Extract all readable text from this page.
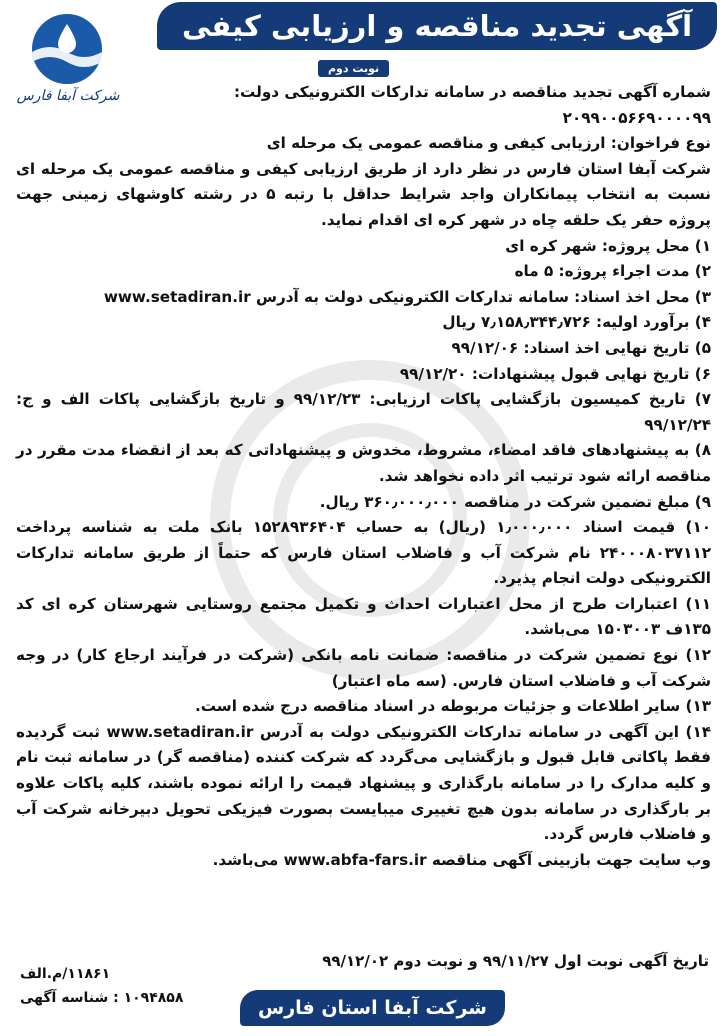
شرکت آبفا فارس
آگهی تجدید مناقصه و ارزیابی کیفی
نوبت دوم
شماره آگهی تجدید مناقصه در سامانه تدارکات الکترونیکی دولت:
۲۰۹۹۰۰۵۶۶۹۰۰۰۰۹۹
نوع فراخوان: ارزیابی کیفی و مناقصه عمومی یک مرحله ای
شرکت آبفا استان فارس در نظر دارد از طریق ارزیابی کیفی و مناقصه عمومی یک مرحله ای نسبت به انتخاب پیمانکاران واجد شرایط حداقل با رتبه ۵ در رشته کاوشهای زمینی جهت پروژه حفر یک حلقه چاه در شهر کره ای اقدام نماید.
۱) محل پروژه: شهر کره ای
۲) مدت اجراء پروژه: ۵ ماه
۳) محل اخذ اسناد: سامانه تدارکات الکترونیکی دولت به آدرس www.setadiran.ir
۴) برآورد اولیه: ۷٫۱۵۸٫۳۴۴٫۷۲۶ ریال
۵) تاریخ نهایی اخذ اسناد: ۹۹/۱۲/۰۶
۶) تاریخ نهایی قبول پیشنهادات: ۹۹/۱۲/۲۰
۷) تاریخ کمیسیون بازگشایی پاکات ارزیابی: ۹۹/۱۲/۲۳ و تاریخ بازگشایی پاکات الف و ج: ۹۹/۱۲/۲۴
۸) به پیشنهادهای فاقد امضاء، مشروط، مخدوش و پیشنهاداتی که بعد از انقضاء مدت مقرر در مناقصه ارائه شود ترتیب اثر داده نخواهد شد.
۹) مبلغ تضمین شرکت در مناقصه ۳۶۰٫۰۰۰٫۰۰۰ ریال.
۱۰) قیمت اسناد ۱٫۰۰۰٫۰۰۰ (ریال) به حساب ۱۵۲۸۹۳۶۴۰۴ بانک ملت به شناسه پرداخت ۲۴۰۰۰۸۰۳۷۱۱۲ نام شرکت آب و فاضلاب استان فارس که حتماً از طریق سامانه تدارکات الکترونیکی دولت انجام پذیرد.
۱۱) اعتبارات طرح از محل اعتبارات احداث و تکمیل مجتمع روستایی شهرستان کره ای کد ۱۳۵ف ۱۵۰۳۰۰۳ می‌باشد.
۱۲) نوع تضمین شرکت در مناقصه: ضمانت نامه بانکی (شرکت در فرآیند ارجاع کار) در وجه شرکت آب و فاضلاب استان فارس. (سه ماه اعتبار)
۱۳) سایر اطلاعات و جزئیات مربوطه در اسناد مناقصه درج شده است.
۱۴) این آگهی در سامانه تدارکات الکترونیکی دولت به آدرس www.setadiran.ir ثبت گردیده فقط پاکاتی قابل قبول و بازگشایی می‌گردد که شرکت کننده (مناقصه گر) در سامانه ثبت نام و کلیه مدارک را در سامانه بارگذاری و پیشنهاد قیمت را ارائه نموده باشند، کلیه پاکات علاوه بر بارگذاری در سامانه بدون هیچ تغییری میبایست بصورت فیزیکی تحویل دبیرخانه شرکت آب و فاضلاب فارس گردد.
وب سایت جهت بازبینی آگهی مناقصه www.abfa-fars.ir می‌باشد.
تاریخ آگهی نوبت اول ۹۹/۱۱/۲۷ و نوبت دوم ۹۹/۱۲/۰۲
۱۱۸۶۱/م.الف
۱۰۹۴۸۵۸ : شناسه آگهی	شرکت آبفا استان فارس
